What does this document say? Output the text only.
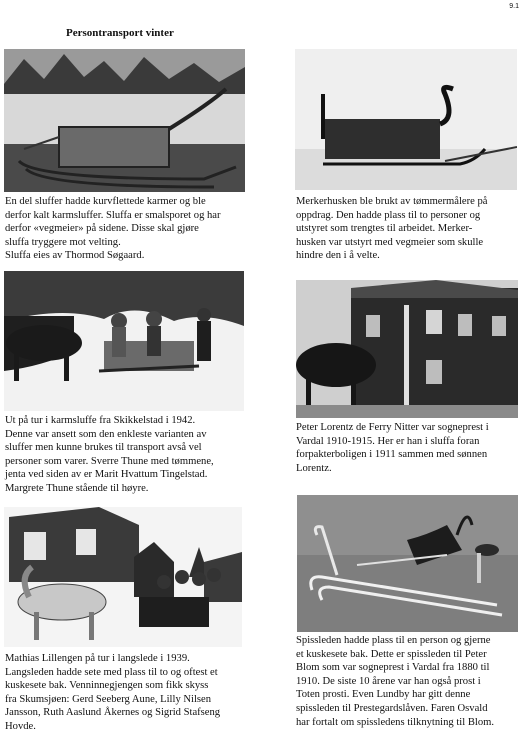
9.1
Persontransport vinter

En del sluffer hadde kurvflettede karmer og ble

derfor kalt karmsluffer. Sluffa er smalsporet og har

derfor «vegmeier» på sidene. Disse skal gjøre

sluffa tryggere mot velting.

Sluffa eies av Thormod Søgaard.

Merkerhusken ble brukt av tømmermålere på

oppdrag. Den hadde plass til to personer og

utstyret som trengtes til arbeidet. Merker-

husken var utstyrt med vegmeier som skulle

hindre den i å velte.

Ut på tur i karmsluffe fra Skikkelstad i 1942.

Denne var ansett som den enkleste varianten av

sluffer men kunne brukes til transport avså vel

personer som varer. Sverre Thune med tømmene,

jenta ved siden av er Marit Hvattum Tingelstad.

Margrete Thune stående til høyre.

Peter Lorentz de Ferry Nitter var sogneprest i

Vardal 1910-1915. Her er han i sluffa foran

forpakterboligen i 1911 sammen med sønnen

Lorentz.

Mathias Lillengen på tur i langslede i 1939.

Langsleden hadde sete med plass til to og oftest et

kuskesete bak. Venninnegjengen som fikk skyss

fra Skumsjøen: Gerd Seeberg Aune, Lilly Nilsen

Jansson, Ruth Aaslund Åkernes og Sigrid Stafseng

Hovde.

Spissleden hadde plass til en person og gjerne

et kuskesete bak. Dette er spissleden til Peter

Blom som var sogneprest i Vardal fra 1880 til

1910. De siste 10 årene var han også prost i

Toten prosti. Even Lundby har gitt denne

spissleden til Prestegardslåven. Faren Osvald

har fortalt om spissledens tilknytning til Blom.
